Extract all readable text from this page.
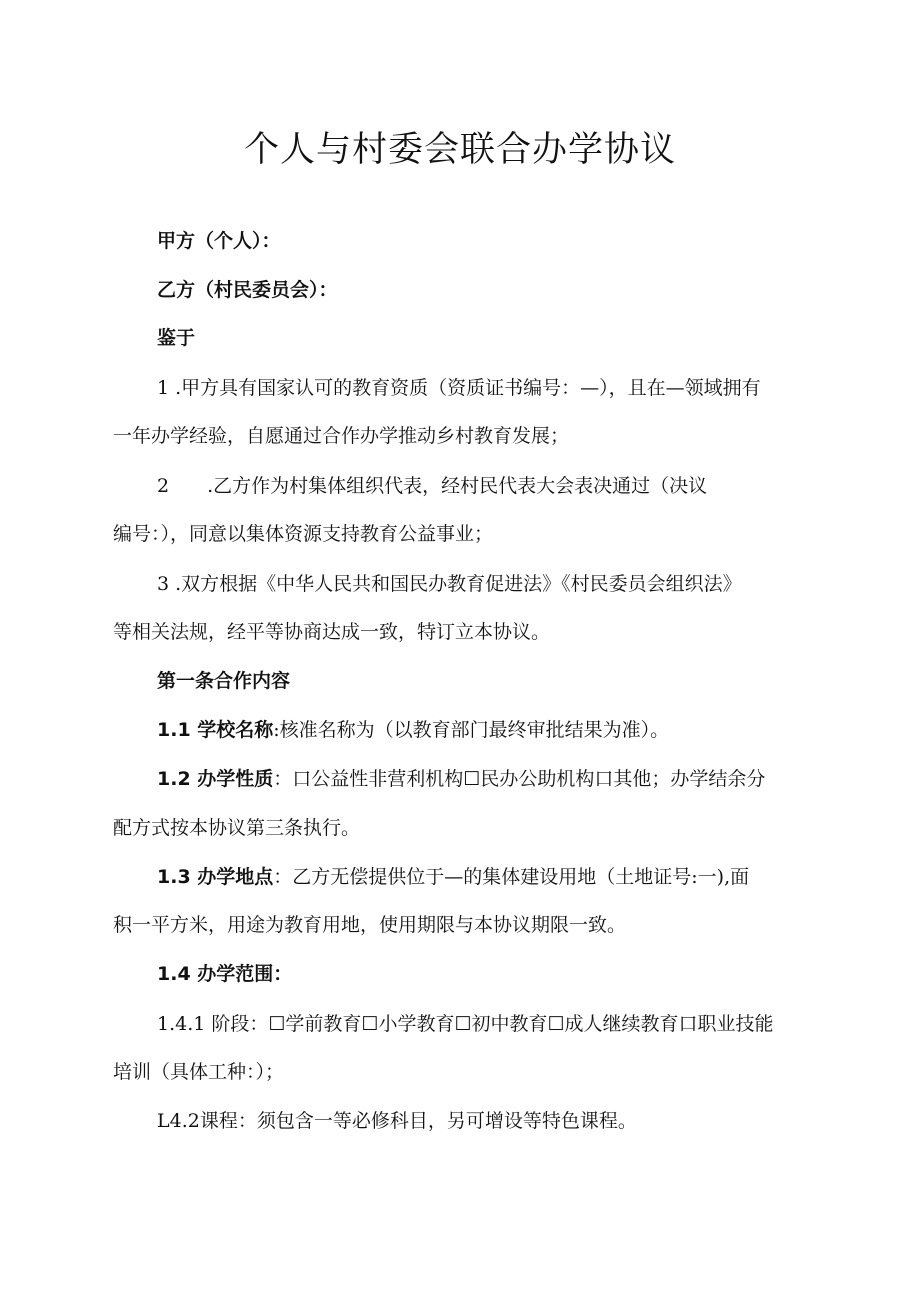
个人与村委会联合办学协议
甲方（个人）：
乙方（村民委员会）：
鉴于
1 .甲方具有国家认可的教育资质（资质证书编号：—），且在—领域拥有
一年办学经验，自愿通过合作办学推动乡村教育发展；
2 .乙方作为村集体组织代表，经村民代表大会表决通过（决议
编号：），同意以集体资源支持教育公益事业；
3 .双方根据《中华人民共和国民办教育促进法》《村民委员会组织法》
等相关法规，经平等协商达成一致，特订立本协议。
第一条合作内容
1.1 学校名称:核准名称为（以教育部门最终审批结果为准）。
1.2 办学性质：口公益性非营利机构☐民办公助机构口其他；办学结余分
配方式按本协议第三条执行。
1.3 办学地点：乙方无偿提供位于—的集体建设用地（土地证号:一),面
积一平方米，用途为教育用地，使用期限与本协议期限一致。
1.4 办学范围：
1.4.1 阶段：☐学前教育☐小学教育☐初中教育☐成人继续教育口职业技能
培训（具体工种：）；
L4.2课程：须包含一等必修科目，另可增设等特色课程。
